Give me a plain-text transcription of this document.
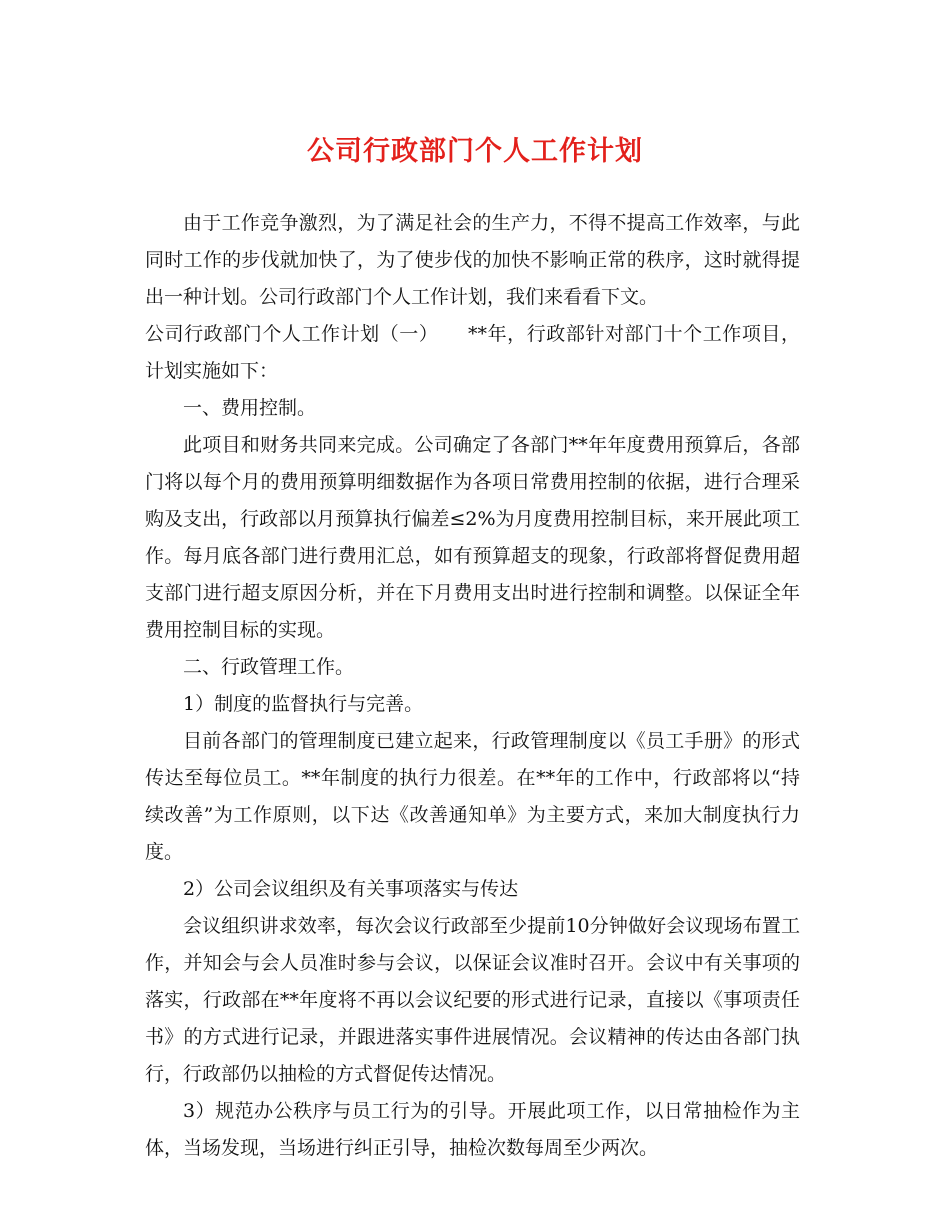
公司行政部门个人工作计划

由于工作竞争激烈，为了满足社会的生产力，不得不提高工作效率，与此同时工作的步伐就加快了，为了使步伐的加快不影响正常的秩序，这时就得提出一种计划。公司行政部门个人工作计划，我们来看看下文。

公司行政部门个人工作计划（一）　　**年，行政部针对部门十个工作项目，计划实施如下：

一、费用控制。

此项目和财务共同来完成。公司确定了各部门**年年度费用预算后，各部门将以每个月的费用预算明细数据作为各项日常费用控制的依据，进行合理采购及支出，行政部以月预算执行偏差≤2%为月度费用控制目标，来开展此项工作。每月底各部门进行费用汇总，如有预算超支的现象，行政部将督促费用超支部门进行超支原因分析，并在下月费用支出时进行控制和调整。以保证全年费用控制目标的实现。

二、行政管理工作。

1）制度的监督执行与完善。

目前各部门的管理制度已建立起来，行政管理制度以《员工手册》的形式传达至每位员工。**年制度的执行力很差。在**年的工作中，行政部将以“持续改善”为工作原则，以下达《改善通知单》为主要方式，来加大制度执行力度。

2）公司会议组织及有关事项落实与传达

会议组织讲求效率，每次会议行政部至少提前10分钟做好会议现场布置工作，并知会与会人员准时参与会议，以保证会议准时召开。会议中有关事项的落实，行政部在**年度将不再以会议纪要的形式进行记录，直接以《事项责任书》的方式进行记录，并跟进落实事件进展情况。会议精神的传达由各部门执行，行政部仍以抽检的方式督促传达情况。

3）规范办公秩序与员工行为的引导。开展此项工作，以日常抽检作为主体，当场发现，当场进行纠正引导，抽检次数每周至少两次。
